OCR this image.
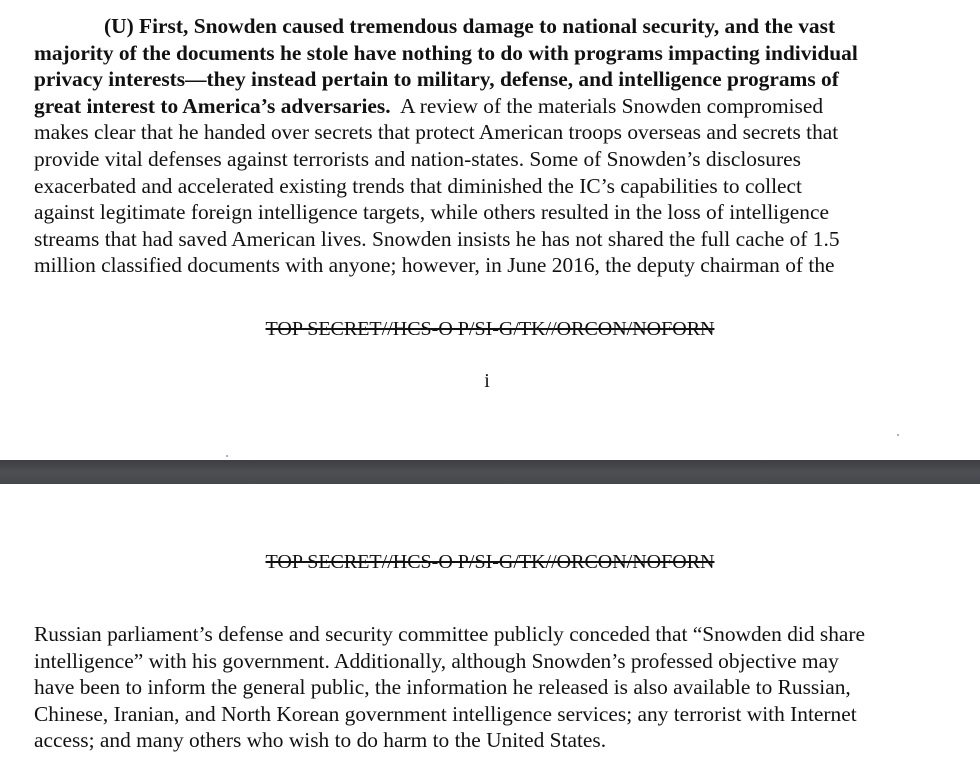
(U) First, Snowden caused tremendous damage to national security, and the vast
majority of the documents he stole have nothing to do with programs impacting individual
privacy interests—they instead pertain to military, defense, and intelligence programs of
great interest to America’s adversaries.  A review of the materials Snowden compromised
makes clear that he handed over secrets that protect American troops overseas and secrets that
provide vital defenses against terrorists and nation-states. Some of Snowden’s disclosures
exacerbated and accelerated existing trends that diminished the IC’s capabilities to collect
against legitimate foreign intelligence targets, while others resulted in the loss of intelligence
streams that had saved American lives. Snowden insists he has not shared the full cache of 1.5
million classified documents with anyone; however, in June 2016, the deputy chairman of the
TOP SECRET//HCS-O P/SI-G/TK//ORCON/NOFORN
i
TOP SECRET//HCS-O P/SI-G/TK//ORCON/NOFORN
Russian parliament’s defense and security committee publicly conceded that “Snowden did share
intelligence” with his government. Additionally, although Snowden’s professed objective may
have been to inform the general public, the information he released is also available to Russian,
Chinese, Iranian, and North Korean government intelligence services; any terrorist with Internet
access; and many others who wish to do harm to the United States.
